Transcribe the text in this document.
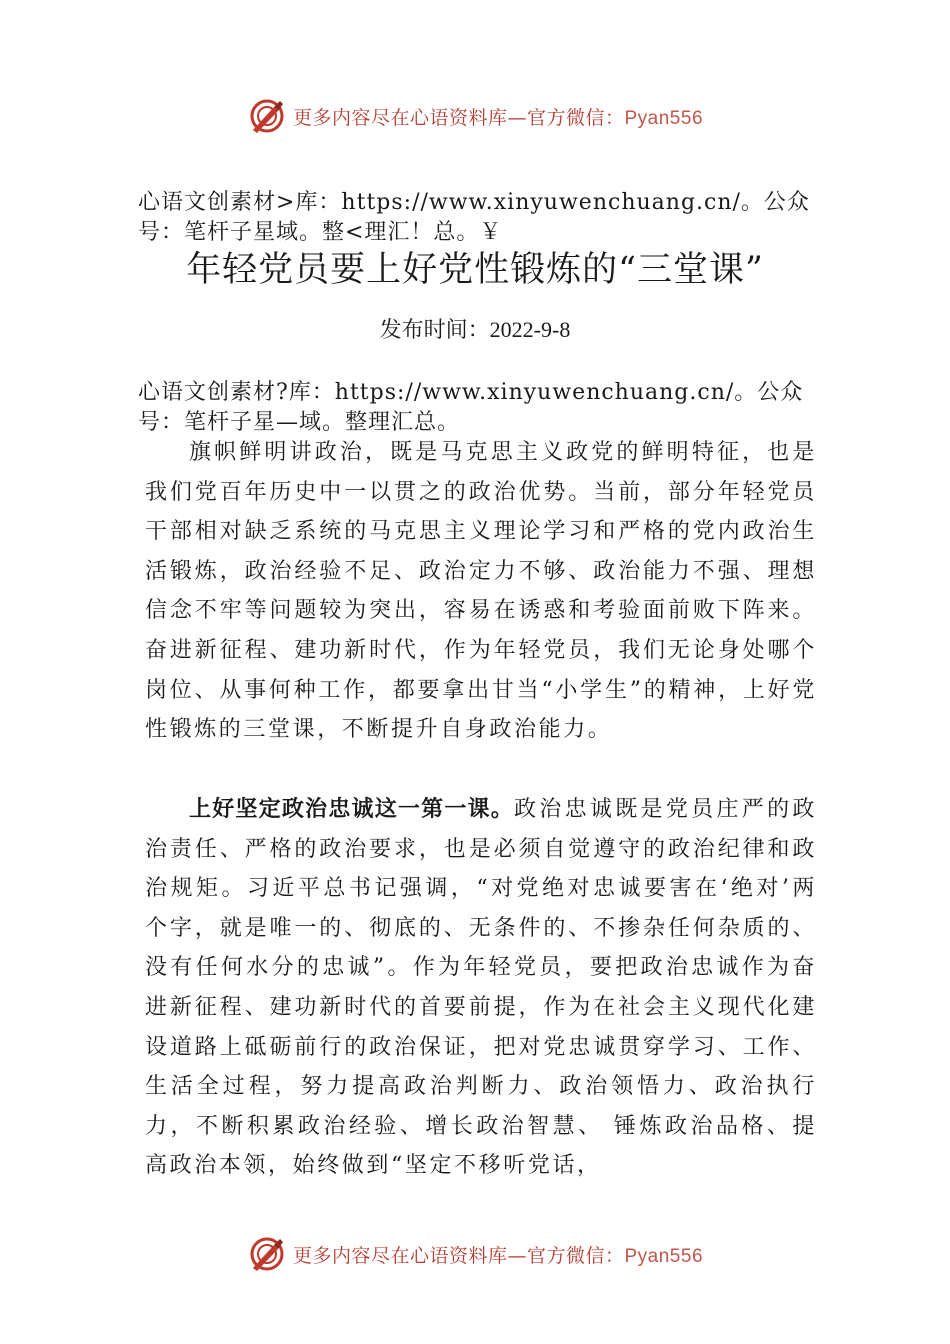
更多内容尽在心语资料库—官方微信：Pyan556
心语文创素材>库：https://www.xinyuwenchuang.cn/。公众号：笔杆子星域。整<理汇！总。￥
年轻党员要上好党性锻炼的“三堂课”
发布时间：2022-9-8
心语文创素材?库：https://www.xinyuwenchuang.cn/。公众号：笔杆子星—域。整理汇总。

旗帜鲜明讲政治，既是马克思主义政党的鲜明特征，也是我们党百年历史中一以贯之的政治优势。当前，部分年轻党员干部相对缺乏系统的马克思主义理论学习和严格的党内政治生活锻炼，政治经验不足、政治定力不够、政治能力不强、理想信念不牢等问题较为突出，容易在诱惑和考验面前败下阵来。奋进新征程、建功新时代，作为年轻党员，我们无论身处哪个岗位、从事何种工作，都要拿出甘当“小学生”的精神，上好党性锻炼的三堂课，不断提升自身政治能力。

上好坚定政治忠诚这一第一课。政治忠诚既是党员庄严的政治责任、严格的政治要求，也是必须自觉遵守的政治纪律和政治规矩。习近平总书记强调，“对党绝对忠诚要害在‘绝对’两个字，就是唯一的、彻底的、无条件的、不掺杂任何杂质的、没有任何水分的忠诚”。作为年轻党员，要把政治忠诚作为奋进新征程、建功新时代的首要前提，作为在社会主义现代化建设道路上砥砺前行的政治保证，把对党忠诚贯穿学习、工作、生活全过程，努力提高政治判断力、政治领悟力、政治执行力，不断积累政治经验、增长政治智慧、 锤炼政治品格、提高政治本领，始终做到“坚定不移听党话，

更多内容尽在心语资料库—官方微信：Pyan556
